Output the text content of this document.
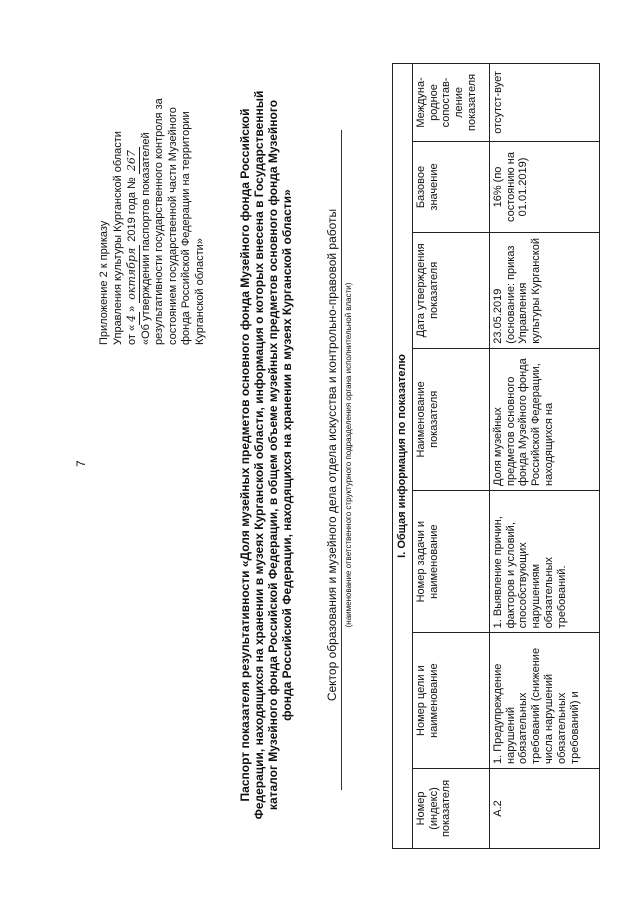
7
Приложение 2 к приказу Управления культуры Курганской области от «4» октября 2019 года № 267 «Об утверждении паспортов показателей результативности государственного контроля за состоянием государственной части Музейного фонда Российской Федерации на территории Курганской области»	Паспорт показателя результативности «Доля музейных предметов основного фонда Музейного фонда Российской Федерации, находящихся на хранении в музеях Курганской области, информация о которых внесена в Государственный каталог Музейного фонда Российской Федерации, в общем объеме музейных предметов основного фонда Музейного фонда Российской Федерации, находящихся на хранении в музеях Курганской области»	Сектор образования и музейного дела отдела искусства и контрольно-правовой работы (наименование ответственного структурного подразделения органа исполнительной власти)	I. Общая информация по показателю						
Номер (индекс) показателя	Номер цели и наименование	Номер задачи и наименование	Наименование показателя	Дата утверждения показателя	Базовое значение	Междуна-родное сопостав-ление показателя
А.2	1. Предупреждение нарушений обязательных требований (снижение числа нарушений обязательных требований) и	1. Выявление причин, факторов и условий, способствующих нарушениям обязательных требований.	Доля музейных предметов основного фонда Музейного фонда Российской Федерации, находящихся на	23.05.2019 (основание: приказ Управления культуры Курганской	16% (по состоянию на 01.01.2019)	отсутст-вует
